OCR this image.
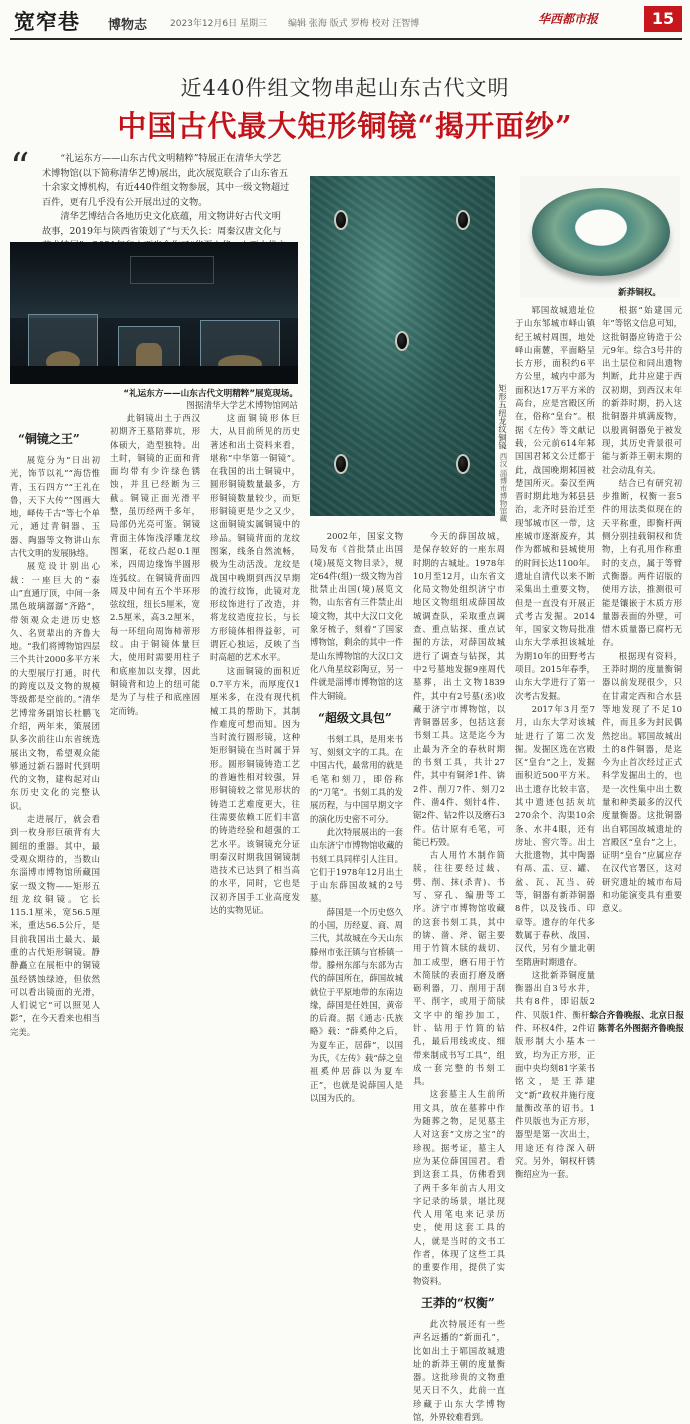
宽窄巷 博物志	2023年12月6日 星期三 编辑 张海 版式 罗梅 校对 汪智博	华西都市报	15
近440件组文物串起山东古代文明
中国古代最大矩形铜镜“揭开面纱”
“	“礼运东方——山东古代文明精粹”特展正在清华大学艺术博物馆(以下简称清华艺博)展出，此次展览联合了山东省五十余家文博机构，有近440件组文物参展，其中一级文物超过百件，更有几乎没有公开展出过的文物。

清华艺博结合各地历史文化底蕴，用文物讲好古代文明故事，2019年与陕西省策划了“与天久长：周秦汉唐文化与

“礼运东方——山东古代文明精粹”展览现场。
图据清华大学艺术博物馆网站	矩形五纽龙纹铜镜 西汉 淄博市博物馆藏
新莽铜权。
“铜镜之王”

展览分为“日出初光，饰节以礼”“海岱惟青，玉石四方”“王礼在鲁，天下大传”“图画大地，峄传千古”等七个单元，通过青铜器、玉器、陶器等文物讲山东古代文明的发展脉络。

展览设计别出心裁：一座巨大的“泰山”直通厅顶，中间一条黑色玻璃潺潺“齐路”，带领观众走进历史悠久、名贤辈出的齐鲁大地。“我们将博物馆四层三个共计2000多平方米的大型展厅打通，时代的跨度以及文物的规模等级都是空前的。”清华艺博常务副馆长杜鹏飞介绍，两年来，策展团队多次前往山东省统选展出文物，希望观众能够通过新石器时代到明代的文物，建构起对山东历史文化的完整认识。

走进展厅，就会看到一枚身形巨硕背有大圆纽的重器。其中，最受观众期待的，当数山东淄博市博物馆所藏国家一级文物——矩形五纽龙纹铜镜。它长115.1厘米，宽56.5厘米，重达56.5公斤，是目前我国出土最大、最重的古代矩形铜镜。静静矗立在展柜中的铜镜虽经锈蚀绿迹，但依然可以看出镜面的光滑，人们说它“可以照见人影”，在今天看来也相当完美。

此铜镜出土于西汉初期齐王墓陪葬坑，形体硕大，造型独特。出土时，铜镜的正面和背面均带有少许绿色锈蚀，并且已经断为三截。铜镜正面光滑平整，虽历经两千多年，局部仍光亮可鉴。铜镜背面主体饰浅浮雕龙纹图案，花纹凸起0.1厘米，四周边缘饰半圆形连弧纹。在铜镜背面四周及中间有五个半环形弦纹纽，纽长5厘米，宽2.5厘米，高3.2厘米，每一环纽向周饰柿蒂形纹。由于铜镜体量巨大，使用时需要用柱子和底座加以支撑，因此铜镜背和边上的纽可能是为了与柱子和底座固定而铸。

这面铜镜形体巨大，从目前所见的历史著述和出土资料来看，堪称“中华第一铜镜”。在我国的出土铜镜中，圆形铜镜数量最多，方形铜镜数量较少，而矩形铜镜更是少之又少，这面铜镜实属铜镜中的珍品。铜镜背面的龙纹图案，线条自然流畅，极为生动活泼。龙纹是战国中晚期到西汉早期的流行纹饰，此镜对龙形纹饰进行了改造，并将龙纹造度拉长，与长方形镜体相得益彰，可谓匠心独运，反映了当时高超的艺术水平。

这面铜镜的面积近0.7平方米，而厚度仅1厘米多，在没有现代机械工具的帮助下，其制作难度可想而知。因为当时流行圆形镜，这种矩形铜镜在当时属于异形。圆形铜镜铸造工艺的普遍性相对较强，异形铜镜较之常见形状的铸造工艺难度更大，往往需要依赖工匠们丰富的铸造经验和超强的工艺水平。该铜镜充分证明秦汉时期我国铜镜制造技术已达到了相当高的水平，同时，它也是汉初齐国手工业高度发达的实物见证。

2002年，国家文物局发布《首批禁止出国(境)展览文物目录》，规定64件(组)一级文物为首批禁止出国(境)展览文物，山东省有三件禁止出境文物，其中大汉口文化象牙梳子，刻着“了国家博物馆，剩余的其中一件是山东博物馆的大汉口文化八角星纹彩陶豆，另一件就是淄博市博物馆的这件大铜镜。

“超级文具包”

书刻工具，是用来书写、刻刻文字的工具。在中国古代，最常用的就是毛笔和刻刀，即俗称的“刀笔”。书刻工具的发展历程，与中国早期文字的演化历史密不可分。

此次特展展出的一套山东济宁市博物馆收藏的书刻工具同样引人注目。它们于1978年12月出土于山东薛国故城的2号墓。

薛国是一个历史悠久的小国，历经夏、商、周三代，其故城在今天山东滕州市张汪镇与官桥镇一带。滕州东部与东部为古代的薛国所在，薛国故城就位于平原地带的东南边缘，薛国是任姓国，黄帝的后裔。据《通志·氏族略》载：“薛奚仲之后，为夏车正，居薛”，以国为氏，《左传》载“薛之皇祖奚仲居薛以为夏车正”，也就是说薛国人是以国为氏的。

今天的薛国故城，是保存较好的一座东周时期的古城址。1978年10月至12月，山东省文化局文物处组织济宁市地区文物组组成薛国故城调查队，采取重点调查、重点钻探、重点试掘的方法，对薛国故城进行了调查与钻探，其中2号墓地发掘9座周代墓葬，出土文物1839件，其中有2号墓(丞)收藏于济宁市博物馆，以青铜器居多，包括这套书刻工具。这是迄今为止最为齐全的春秋时期的书刻工具，共计27件，其中有铜斧1件、锛2件、削刀7件、刻刀2件、凿4件、刻针4件、锯2件、钻2件以及磨石3件。估计原有毛笔，可能已朽毁。

古人用竹木制作简牍，往往要经过裁、劈、削、抹(杀青)、书写、穿孔、编册等工序。济宁市博物馆收藏的这套书刻工具，其中的锛、凿、斧、锯主要用于竹简木牍的裁切、加工成型，磨石用于竹木简牍的表面打磨及磨砺利器，刀、削用于刮平、削字，或用于简牍文字中的缩抄加工，针、钻用于竹简的钻孔，最后用线或皮、细带来制成书写工具”，组成一套完整的书刻工具。

这套墓主人生前所用文具，放在墓葬中作为随葬之物，足见墓主人对这套“文房之宝”的珍视。据考证，墓主人应为某位薛国国君。看到这套工具，仿佛看到了两千多年前古人用文字记录的场景，堪比现代人用笔电来记录历史，使用这套工具的人，就是当时的文书工作者，体现了这些工具的重要作用，提供了实物资料。

王莽的“权衡”

此次特展还有一些声名远播的“新面孔”，比如出土于郓国故城遗址的新莽王朝的度量衡器。这批珍贵的文物重见天日不久，此前一直珍藏于山东大学博物馆，外界较难看到。

郓国故城遗址位于山东邹城市峄山镇纪王城村周围，地处峄山南麓，平面略呈长方形，面积约6平方公里，城内中部为面积达17万平方米的高台，应是宫殿区所在，俗称“皇台”。根据《左传》等文献记载，公元前614年邾国国君邾文公迁都于此，战国晚期邾国被楚国所灭。秦汉至两晋时期此地为邾县县治，北齐时县治迁至现邹城市区一带，这座城市逐渐废弃，其作为都城和县城使用的时间长达1100年。遗址自清代以来不断采集出土重要文物，但是一直没有开展正式考古发掘。2014年，国家文物局批准山东大学承担该城址为期10年的田野考古项目。2015年春季，山东大学进行了第一次考古发掘。

2017年3月至7月，山东大学对该城址进行了第二次发掘。发掘区选在宫殿区“皇台”之上，发掘面积近500平方米。出土遗存比较丰富，其中遗迹包括灰坑270余个、沟渠10余条、水井4眼，还有房址、窖穴等。出土大批遗物，其中陶器有鬲、盂、豆、罐、盆、瓦、瓦当、砖等，铜器有新莽铜器8件，以及钱币、印章等。遗存的年代多数属于春秋、战国、汉代，另有少量北朝至隋唐时期遗存。

这批新莽铜度量衡器出自3号水井，共有8件，即诏版2件、贝版1件、衡杆1件、环权4件，2件诏版形制大小基本一致，均为正方形，正面中央均刻81字莱书铭文，是王莽建文“新”政权并施行度量衡改革的诏书。1件贝版也为正方形，器型是第一次出土，用途还有待深入研究。另外，铜权杆锈衡绍应为一套。

根据“始建国元年”等铭文信息可知，这批铜器应铸造于公元9年。综合3号井的出土层位和同出遗物判断，此井应建于西汉初期，到西汉末年的新莽时期，扔入这批铜器并填满废物，以般离铜器免于被发现，其历史背景很可能与新莽王朝末期的社会动乱有关。

结合已有研究初步推断，权衡一套5件的用法类似现在的天平称重，即衡杆两侧分别挂载铜权和货物，上有孔用作称重时的支点，属于等臂式衡器。两件诏版的使用方法，推测很可能是镶嵌于木质方形量器表面的外壁，可惜木质量器已腐朽无存。

根据现有资料，王莽时期的度量衡铜器以前发现很少，只在甘肃定西和合水县等地发现了不足10件，而且多为封民偶然挖出。郓国故城出土的8件铜器，是迄今为止首次经过正式科学发掘出土的，也是一次性集中出土数量和种类最多的汉代度量衡器。这批铜器出自郓国故城遗址的宫殿区“皇台”之上，证明“皇台”应属应存在汉代官署区，这对研究遗址的城市布局和功能演变具有重要意义。

综合齐鲁晚报、北京日报
陈菁名外图据齐鲁晚报
